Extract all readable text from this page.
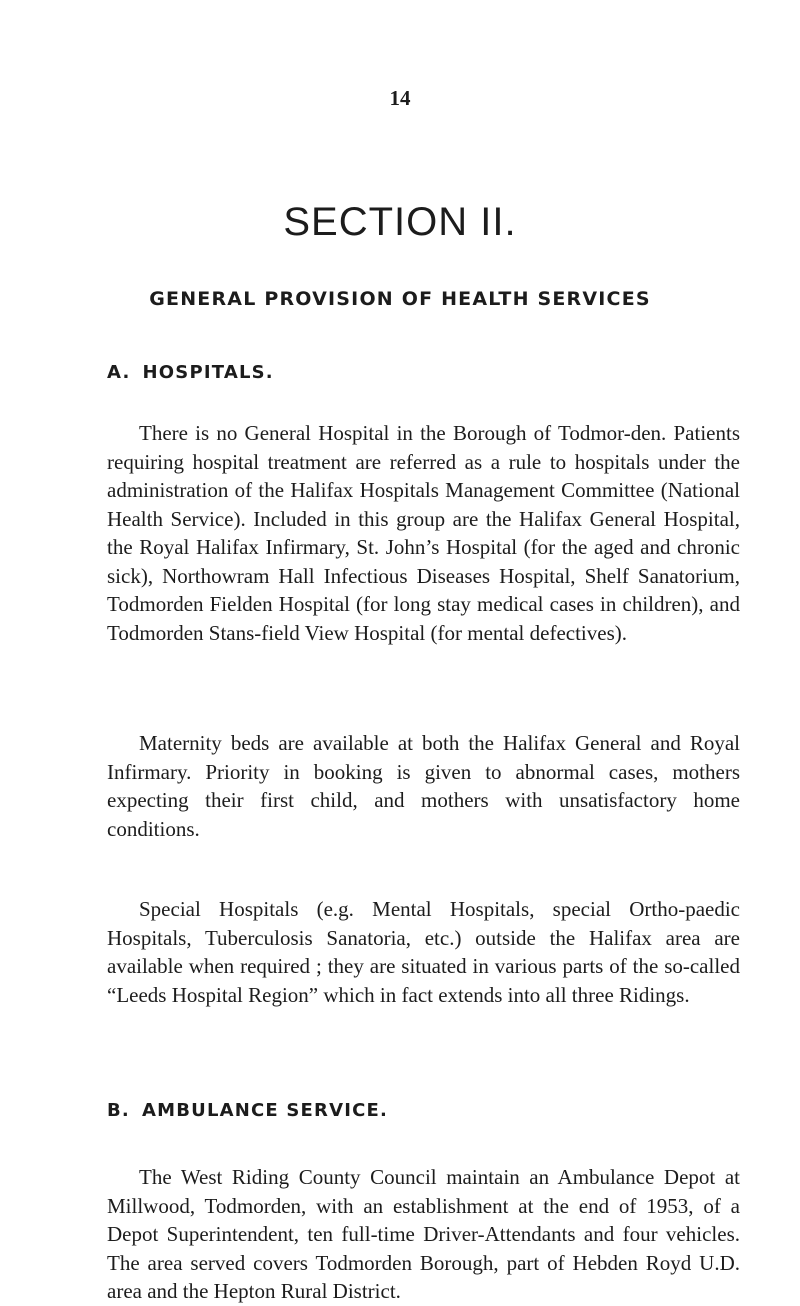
14
SECTION II.
GENERAL PROVISION OF HEALTH SERVICES
A. HOSPITALS.

There is no General Hospital in the Borough of Todmor-den. Patients requiring hospital treatment are referred as a rule to hospitals under the administration of the Halifax Hospitals Management Committee (National Health Service). Included in this group are the Halifax General Hospital, the Royal Halifax Infirmary, St. John’s Hospital (for the aged and chronic sick), Northowram Hall Infectious Diseases Hospital, Shelf Sanatorium, Todmorden Fielden Hospital (for long stay medical cases in children), and Todmorden Stans-field View Hospital (for mental defectives).

Maternity beds are available at both the Halifax General and Royal Infirmary. Priority in booking is given to abnormal cases, mothers expecting their first child, and mothers with unsatisfactory home conditions.

Special Hospitals (e.g. Mental Hospitals, special Ortho-paedic Hospitals, Tuberculosis Sanatoria, etc.) outside the Halifax area are available when required ; they are situated in various parts of the so-called “Leeds Hospital Region” which in fact extends into all three Ridings.

B. AMBULANCE SERVICE.

The West Riding County Council maintain an Ambulance Depot at Millwood, Todmorden, with an establishment at the end of 1953, of a Depot Superintendent, ten full-time Driver-Attendants and four vehicles. The area served covers Todmorden Borough, part of Hebden Royd U.D. area and the Hepton Rural District.
